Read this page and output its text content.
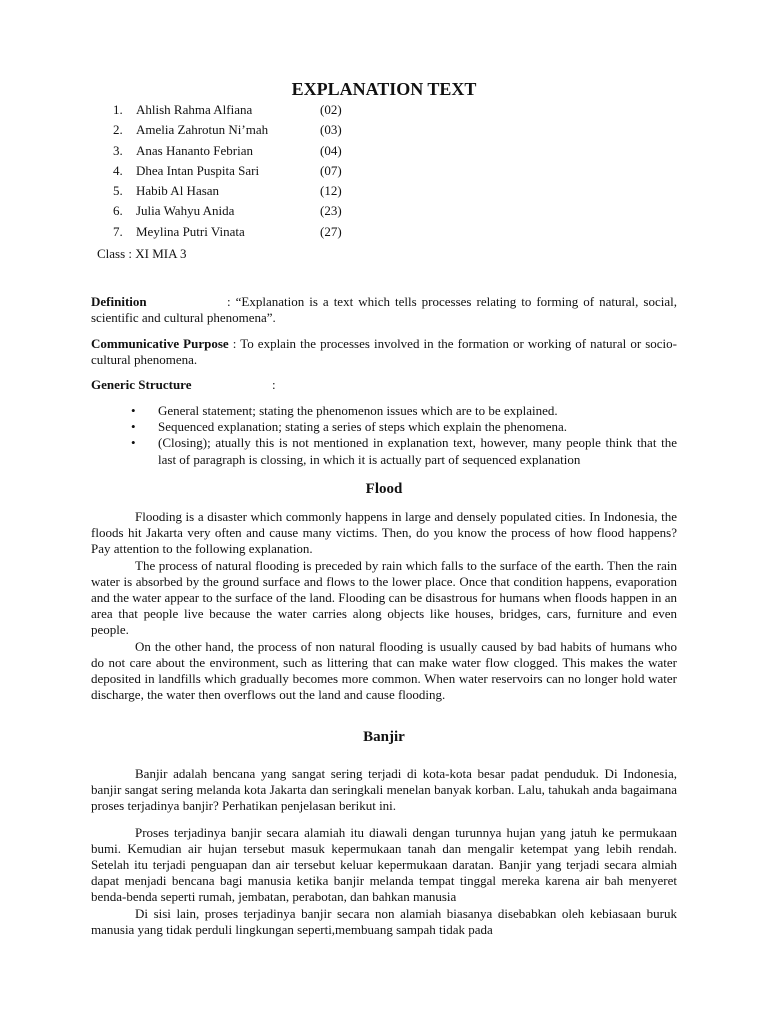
EXPLANATION TEXT
1.	Ahlish Rahma Alfiana	(02)
2.	Amelia Zahrotun Ni’mah	(03)
3.	Anas Hananto Febrian	(04)
4.	Dhea Intan Puspita Sari	(07)
5.	Habib Al Hasan	(12)
6.	Julia Wahyu Anida	(23)
7.	Meylina Putri Vinata	(27)
Class : XI MIA 3
Definition	: “Explanation is a text which tells processes relating to forming of natural, social, scientific and cultural phenomena”.
Communicative Purpose : To explain the processes involved in the formation or working of natural or socio-cultural phenomena.
Generic Structure	:
• General statement; stating the phenomenon issues which are to be explained.
• Sequenced explanation; stating a series of steps which explain the phenomena.
• (Closing); atually this is not mentioned in explanation text, however, many people think that the last of paragraph is clossing, in which it is actually part of sequenced explanation
Flood

Flooding is a disaster which commonly happens in large and densely populated cities. In Indonesia, the floods hit Jakarta very often and cause many victims. Then, do you know the process of how flood happens? Pay attention to the following explanation.

The process of natural flooding is preceded by rain which falls to the surface of the earth. Then the rain water is absorbed by the ground surface and flows to the lower place. Once that condition happens, evaporation and the water appear to the surface of the land. Flooding can be disastrous for humans when floods happen in an area that people live because the water carries along objects like houses, bridges, cars, furniture and even people.

On the other hand, the process of non natural flooding is usually caused by bad habits of humans who do not care about the environment, such as littering that can make water flow clogged. This makes the water deposited in landfills which gradually becomes more common. When water reservoirs can no longer hold water discharge, the water then overflows out the land and cause flooding.

Banjir

Banjir adalah bencana yang sangat sering terjadi di kota-kota besar padat penduduk. Di Indonesia, banjir sangat sering melanda kota Jakarta dan seringkali menelan banyak korban. Lalu, tahukah anda bagaimana proses terjadinya banjir? Perhatikan penjelasan berikut ini.

Proses terjadinya banjir secara alamiah itu diawali dengan turunnya hujan yang jatuh ke permukaan bumi. Kemudian air hujan tersebut masuk kepermukaan tanah dan mengalir ketempat yang lebih rendah. Setelah itu terjadi penguapan dan air tersebut keluar kepermukaan daratan. Banjir yang terjadi secara almiah dapat menjadi bencana bagi manusia ketika banjir melanda tempat tinggal mereka karena air bah menyeret benda-benda seperti rumah, jembatan, perabotan, dan bahkan manusia

Di sisi lain, proses terjadinya banjir secara non alamiah biasanya disebabkan oleh kebiasaan buruk manusia yang tidak perduli lingkungan seperti,membuang sampah tidak pada
